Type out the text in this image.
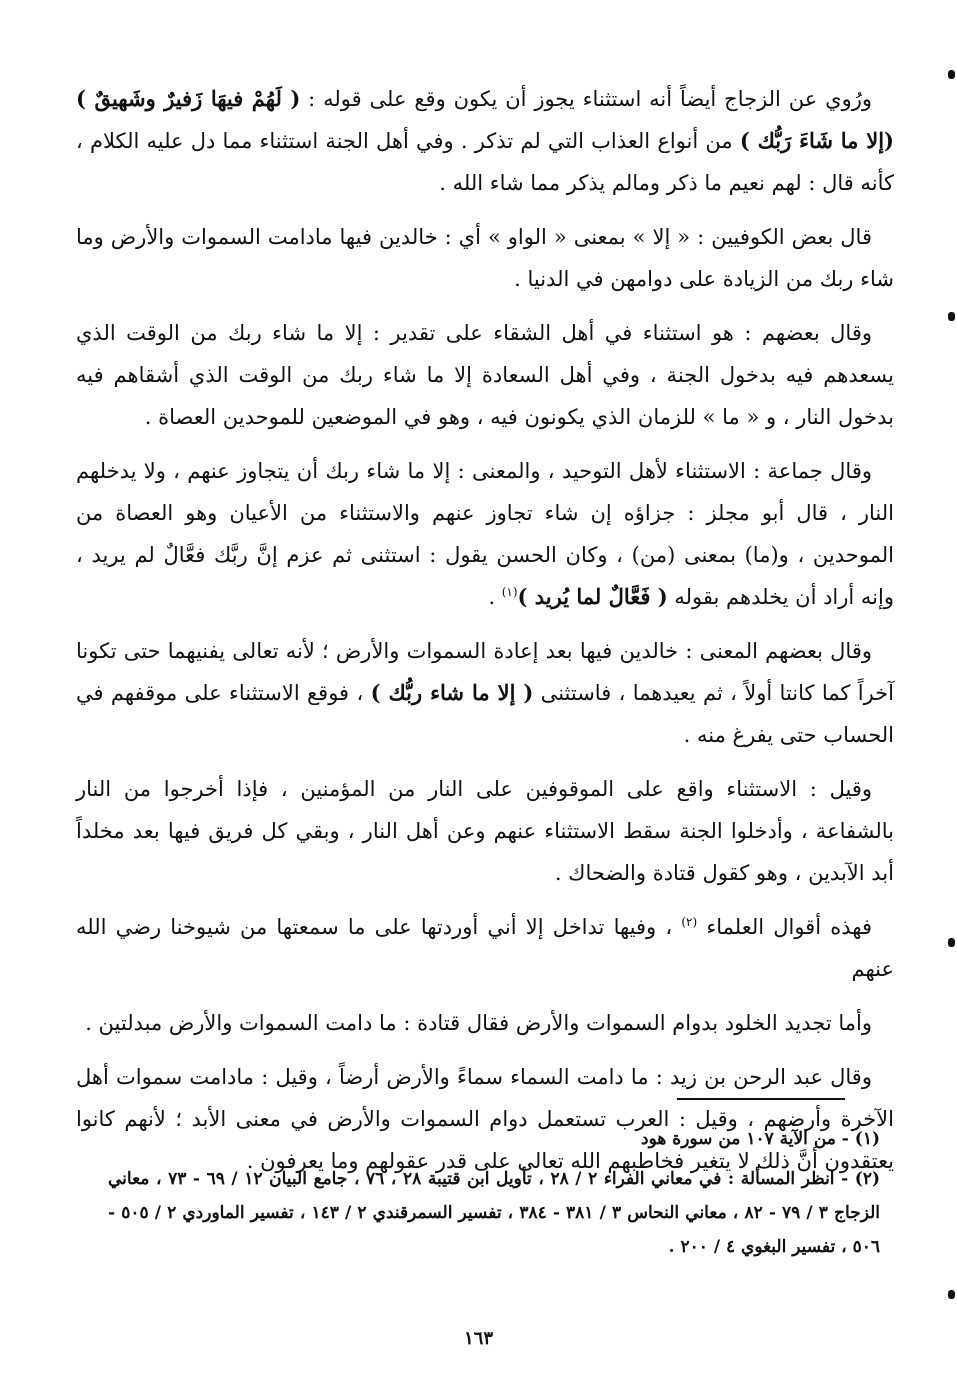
ورُوي عن الزجاج أيضاً أنه استثناء يجوز أن يكون وقع على قوله : ( لَهُمْ فيهَا زَفيرٌ وشَهيقٌ ) (إلا ما شَاءَ رَبُّك ) من أنواع العذاب التي لم تذكر . وفي أهل الجنة استثناء مما دل عليه الكلام ، كأنه قال : لهم نعيم ما ذكر ومالم يذكر مما شاء الله .

قال بعض الكوفيين : « إلا » بمعنى « الواو » أي : خالدين فيها مادامت السموات والأرض وما شاء ربك من الزيادة على دوامهن في الدنيا .

وقال بعضهم : هو استثناء في أهل الشقاء على تقدير : إلا ما شاء ربك من الوقت الذي يسعدهم فيه بدخول الجنة ، وفي أهل السعادة إلا ما شاء ربك من الوقت الذي أشقاهم فيه بدخول النار ، و « ما » للزمان الذي يكونون فيه ، وهو في الموضعين للموحدين العصاة .

وقال جماعة : الاستثناء لأهل التوحيد ، والمعنى : إلا ما شاء ربك أن يتجاوز عنهم ، ولا يدخلهم النار ، قال أبو مجلز : جزاؤه إن شاء تجاوز عنهم والاستثناء من الأعيان وهو العصاة من الموحدين ، و(ما) بمعنى (من) ، وكان الحسن يقول : استثنى ثم عزم إنَّ ربَّك فعَّالٌ لم يريد ، وإنه أراد أن يخلدهم بقوله ( فَعَّالٌ لما يُريد )$^{(١)}$ .

وقال بعضهم المعنى : خالدين فيها بعد إعادة السموات والأرض ؛ لأنه تعالى يفنيهما حتى تكونا آخراً كما كانتا أولاً ، ثم يعيدهما ، فاستثنى ( إلا ما شاء ربُّك ) ، فوقع الاستثناء على موقفهم في الحساب حتى يفرغ منه .

وقيل : الاستثناء واقع على الموقوفين على النار من المؤمنين ، فإذا أخرجوا من النار بالشفاعة ، وأدخلوا الجنة سقط الاستثناء عنهم وعن أهل النار ، وبقي كل فريق فيها بعد مخلداً أبد الآبدين ، وهو كقول قتادة والضحاك .

فهذه أقوال العلماء $^{(٢)}$ ، وفيها تداخل إلا أني أوردتها على ما سمعتها من شيوخنا رضي الله عنهم

وأما تجديد الخلود بدوام السموات والأرض فقال قتادة : ما دامت السموات والأرض مبدلتين .

وقال عبد الرحن بن زيد : ما دامت السماء سماءً والأرض أرضاً ، وقيل : مادامت سموات أهل الآخرة وأرضهم ، وقيل : العرب تستعمل دوام السموات والأرض في معنى الأبد ؛ لأنهم كانوا يعتقدون أنَّ ذلك لا يتغير فخاطبهم الله تعالى على قدر عقولهم وما يعرفون .

(١) - من الآية ١٠٧ من سورة هود

(٢) - انظر المسألة : في معاني الفراء ٢ / ٢٨ ، تأويل ابن قتيبة ٢٨ ، ٧٦ ، جامع البيان ١٢ / ٦٩ - ٧٣ ، معاني الزجاج ٣ / ٧٩ - ٨٢ ، معاني النحاس ٣ / ٣٨١ - ٣٨٤ ، تفسير السمرقندي ٢ / ١٤٣ ، تفسير الماوردي ٢ / ٥٠٥ - ٥٠٦ ، تفسير البغوي ٤ / ٢٠٠ .

١٦٣
